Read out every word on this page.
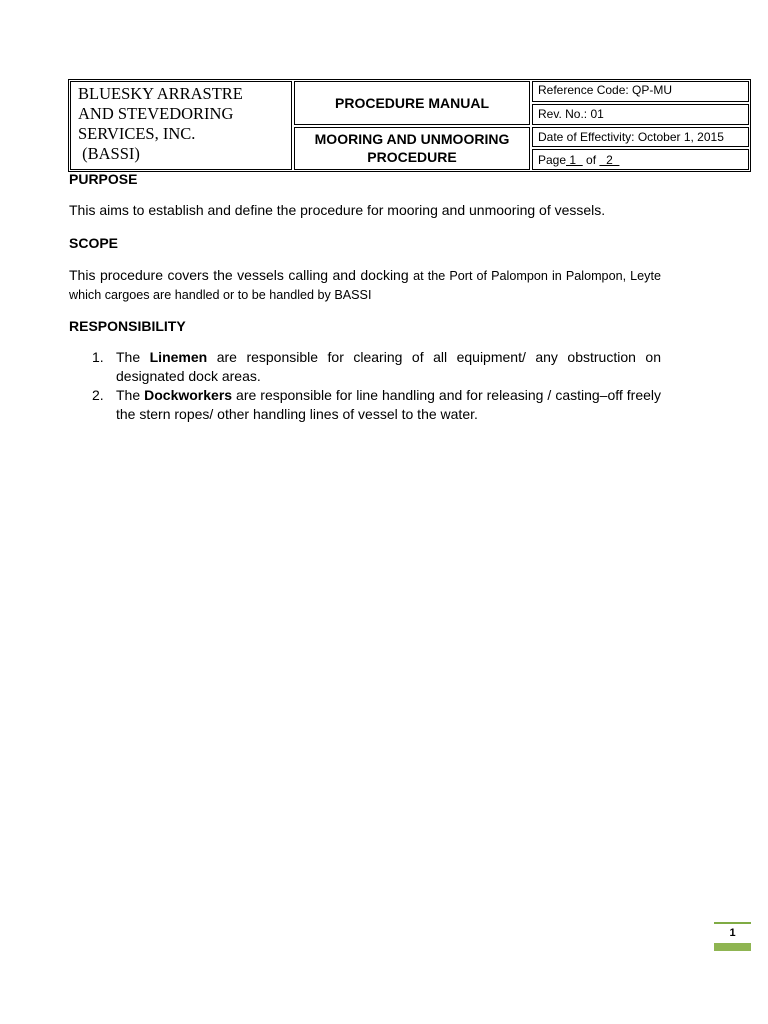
BLUESKY ARRASTRE
AND STEVEDORING
SERVICES, INC.
(BASSI)
PROCEDURE MANUAL
MOORING AND UNMOORING
PROCEDURE
Reference Code: QP-MU
Rev. No.: 01
Date of Effectivity: October 1, 2015
Page 1 of 2

PURPOSE

This aims to establish and define the procedure for mooring and unmooring of vessels.

SCOPE

This procedure covers the vessels calling and docking at the Port of Palompon in Palompon, Leyte which cargoes are handled or to be handled by BASSI

RESPONSIBILITY

1. The Linemen are responsible for clearing of all equipment/ any obstruction on designated dock areas.
2. The Dockworkers are responsible for line handling and for releasing / casting–off freely the stern ropes/ other handling lines of vessel to the water.
1
